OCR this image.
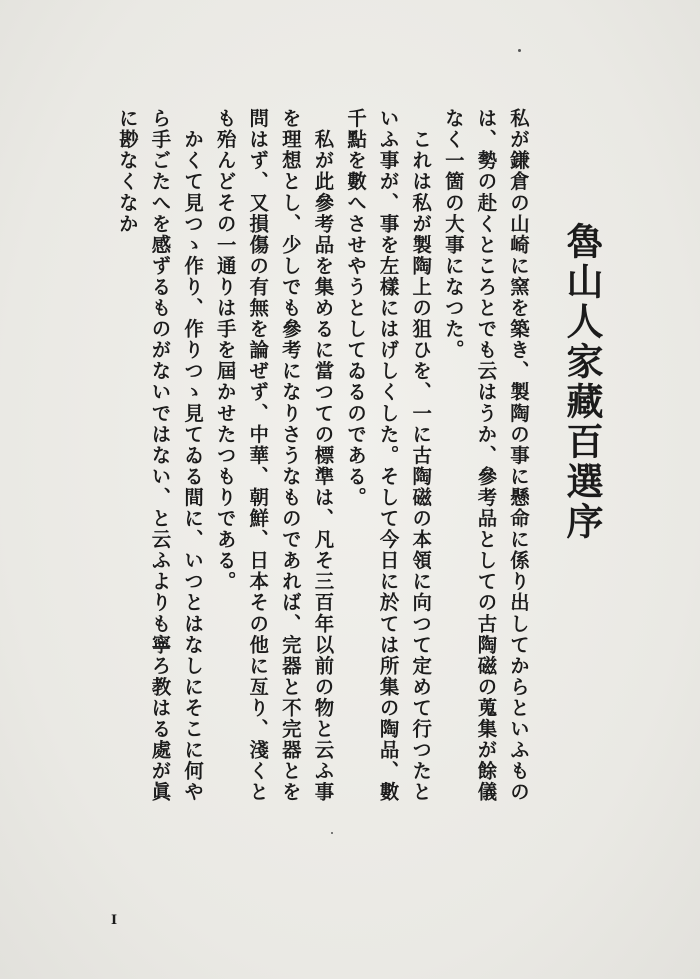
魯山人家藏百選序

私が鎌倉の山崎に窯を築き、製陶の事に懸命に係り出してからといふものは、勢の赴くところとでも云はうか、參考品としての古陶磁の蒐集が餘儀なく一箇の大事になつた。

　これは私が製陶上の狙ひを、一に古陶磁の本領に向つて定めて行つたといふ事が、事を左樣にはげしくした。そして今日に於ては所集の陶品、數千點を數へさせやうとしてゐるのである。

　私が此參考品を集めるに當つての標準は、凡そ三百年以前の物と云ふ事を理想とし、少しでも參考になりさうなものであれば、完器と不完器とを問はず、又損傷の有無を論ぜず、中華、朝鮮、日本その他に亙り、淺くとも殆んどその一通りは手を屆かせたつもりである。

　かくて見つゝ作り、作りつゝ見てゐる間に、いつとはなしにそこに何やら手ごたへを感ずるものがないではない、と云ふよりも寧ろ教はる處が眞に尠なくなか

I
